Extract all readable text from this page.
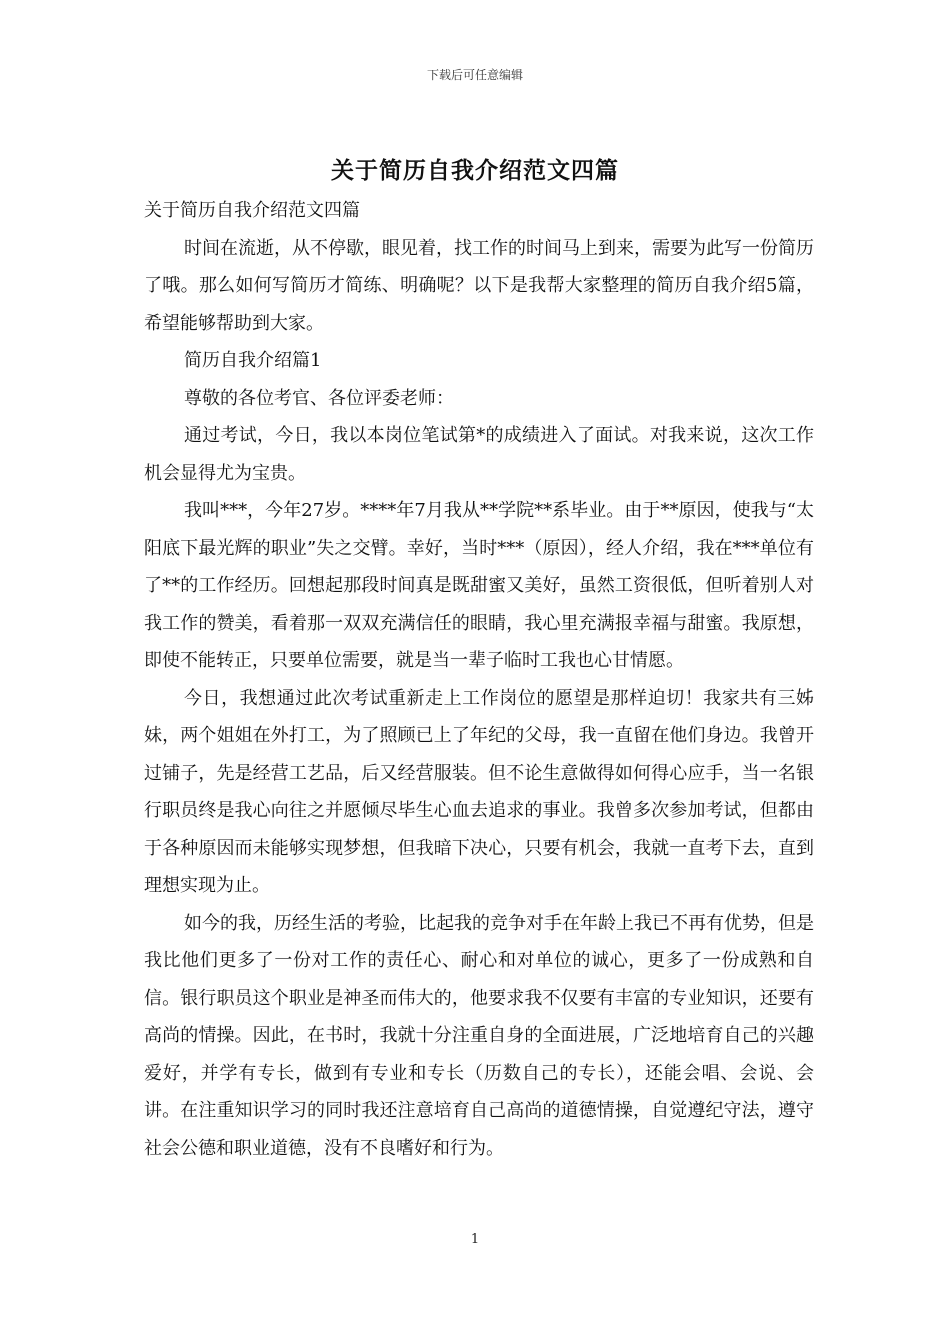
下载后可任意编辑
关于简历自我介绍范文四篇

关于简历自我介绍范文四篇

时间在流逝，从不停歇，眼见着，找工作的时间马上到来，需要为此写一份简历了哦。那么如何写简历才简练、明确呢？以下是我帮大家整理的简历自我介绍5篇，希望能够帮助到大家。

简历自我介绍篇1

尊敬的各位考官、各位评委老师：

通过考试，今日，我以本岗位笔试第*的成绩进入了面试。对我来说，这次工作机会显得尤为宝贵。

我叫***，今年27岁。****年7月我从**学院**系毕业。由于**原因，使我与“太阳底下最光辉的职业”失之交臂。幸好，当时***（原因），经人介绍，我在***单位有了**的工作经历。回想起那段时间真是既甜蜜又美好，虽然工资很低，但听着别人对我工作的赞美，看着那一双双充满信任的眼睛，我心里充满报幸福与甜蜜。我原想，即使不能转正，只要单位需要，就是当一辈子临时工我也心甘情愿。

今日，我想通过此次考试重新走上工作岗位的愿望是那样迫切！我家共有三姊妹，两个姐姐在外打工，为了照顾已上了年纪的父母，我一直留在他们身边。我曾开过铺子，先是经营工艺品，后又经营服装。但不论生意做得如何得心应手，当一名银行职员终是我心向往之并愿倾尽毕生心血去追求的事业。我曾多次参加考试，但都由于各种原因而未能够实现梦想，但我暗下决心，只要有机会，我就一直考下去，直到理想实现为止。

如今的我，历经生活的考验，比起我的竞争对手在年龄上我已不再有优势，但是我比他们更多了一份对工作的责任心、耐心和对单位的诚心，更多了一份成熟和自信。银行职员这个职业是神圣而伟大的，他要求我不仅要有丰富的专业知识，还要有高尚的情操。因此，在书时，我就十分注重自身的全面进展，广泛地培育自己的兴趣爱好，并学有专长，做到有专业和专长（历数自己的专长），还能会唱、会说、会讲。在注重知识学习的同时我还注意培育自己高尚的道德情操，自觉遵纪守法，遵守社会公德和职业道德，没有不良嗜好和行为。

1
